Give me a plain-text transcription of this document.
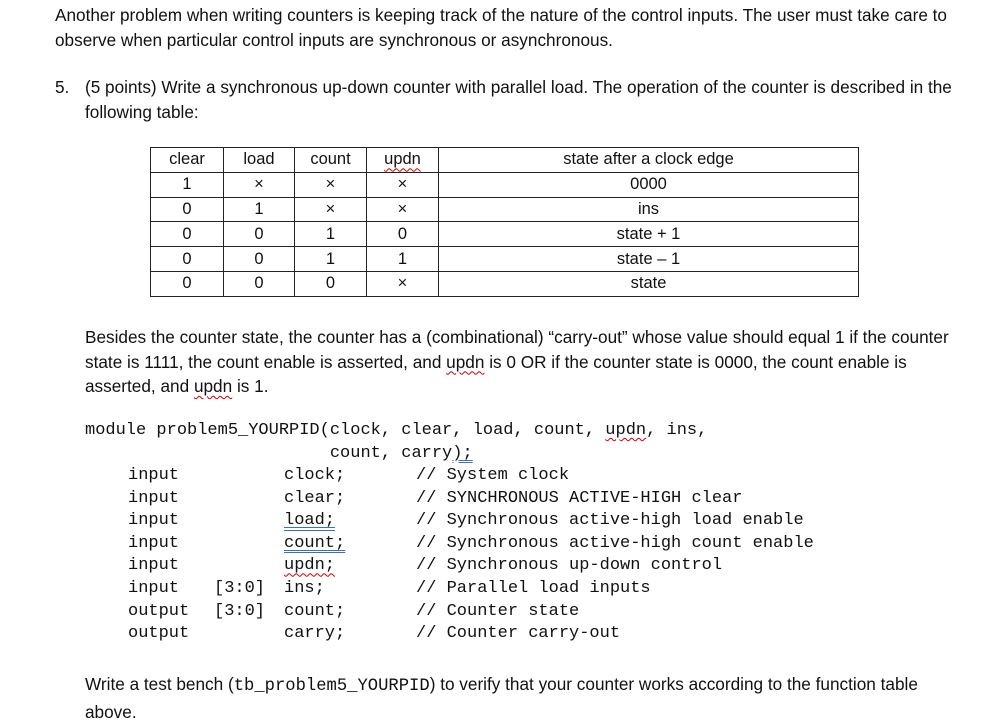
Another problem when writing counters is keeping track of the nature of the control inputs. The user must take care to observe when particular control inputs are synchronous or asynchronous.
5. (5 points) Write a synchronous up-down counter with parallel load. The operation of the counter is described in the following table:
clear	load	count	updn	state after a clock edge
1	×	×	×	0000
0	1	×	×	ins
0	0	1	0	state + 1
0	0	1	1	state – 1
0	0	0	×	state
Besides the counter state, the counter has a (combinational) “carry-out” whose value should equal 1 if the counter state is 1111, the count enable is asserted, and updn is 0 OR if the counter state is 0000, the count enable is asserted, and updn is 1.
module problem5_YOURPID(clock, clear, load, count, updn, ins,
count, carry);
input	clock;	// System clock
input	clear;	// SYNCHRONOUS ACTIVE-HIGH clear
input	load;	// Synchronous active-high load enable
input	count;	// Synchronous active-high count enable
input	updn;	// Synchronous up-down control
input [3:0] ins;	// Parallel load inputs
output [3:0] count;	// Counter state
output	carry;	// Counter carry-out
Write a test bench (tb_problem5_YOURPID) to verify that your counter works according to the function table above.
